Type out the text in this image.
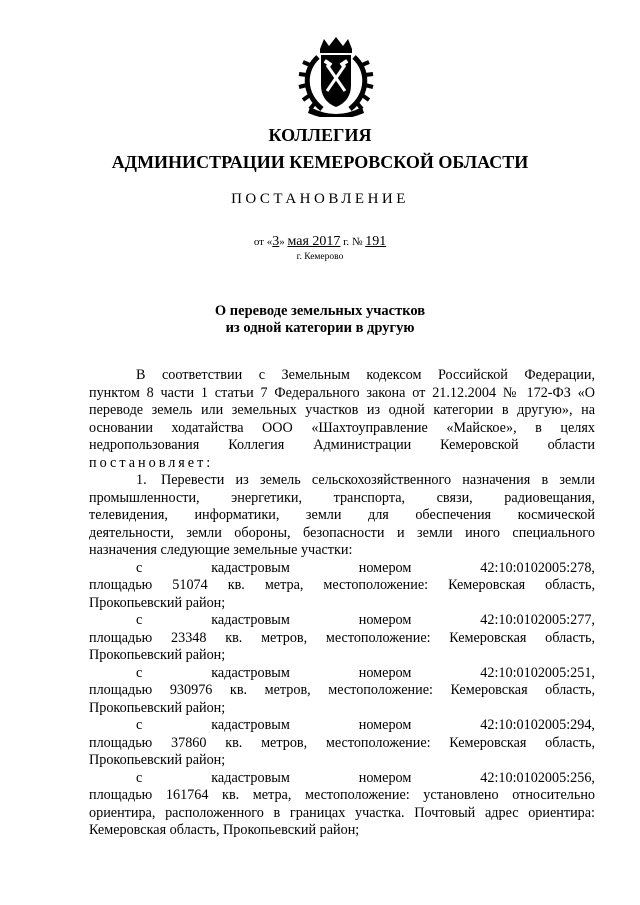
КОЛЛЕГИЯ
АДМИНИСТРАЦИИ КЕМЕРОВСКОЙ ОБЛАСТИ
ПОСТАНОВЛЕНИЕ
от «3» мая 2017 г. № 191
г. Кемерово
О переводе земельных участков
из одной категории в другую

В соответствии с Земельным кодексом Российской Федерации,

пунктом 8 части 1 статьи 7 Федерального закона от 21.12.2004 № 172-ФЗ «О

переводе земель или земельных участков из одной категории в другую», на

основании ходатайства ООО «Шахтоуправление «Майское», в целях

недропользования Коллегия Администрации Кемеровской области

постановляет:

1.	Перевести из земель сельскохозяйственного назначения в земли

промышленности, энергетики, транспорта, связи, радиовещания,

телевидения, информатики, земли для обеспечения космической

деятельности, земли обороны, безопасности и земли иного специального

назначения следующие земельные участки:

с	кадастровым	номером	42:10:0102005:278,

площадью 51074 кв. метра, местоположение: Кемеровская область,

Прокопьевский район;

с	кадастровым	номером	42:10:0102005:277,

площадью 23348 кв. метров, местоположение: Кемеровская область,

Прокопьевский район;

с	кадастровым	номером	42:10:0102005:251,

площадью 930976 кв. метров, местоположение: Кемеровская область,

Прокопьевский район;

с	кадастровым	номером	42:10:0102005:294,

площадью 37860 кв. метров, местоположение: Кемеровская область,

Прокопьевский район;

с	кадастровым	номером	42:10:0102005:256,

площадью 161764 кв. метра, местоположение: установлено относительно

ориентира, расположенного в границах участка. Почтовый адрес ориентира:

Кемеровская область, Прокопьевский район;
